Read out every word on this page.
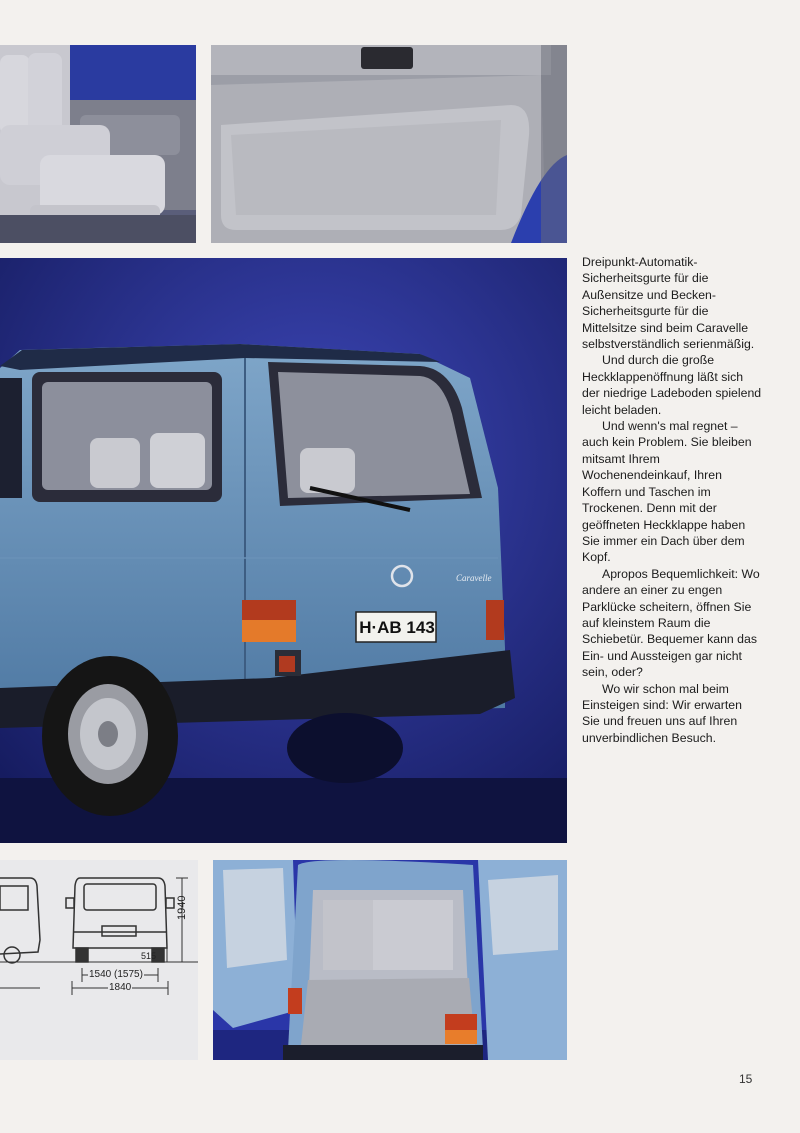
H·AB 143
Caravelle
1940
515
1540 (1575)
1840

Dreipunkt-Automatik-Sicherheitsgurte für die Außensitze und Becken-Sicherheitsgurte für die Mittelsitze sind beim Caravelle selbstverständlich serienmäßig.

Und durch die große Heckklappenöffnung läßt sich der niedrige Ladeboden spielend leicht beladen.

Und wenn's mal regnet – auch kein Problem. Sie bleiben mitsamt Ihrem Wochenendeinkauf, Ihren Koffern und Taschen im Trockenen. Denn mit der geöffneten Heckklappe haben Sie immer ein Dach über dem Kopf.

Apropos Bequemlichkeit: Wo andere an einer zu engen Parklücke scheitern, öffnen Sie auf kleinstem Raum die Schiebetür. Bequemer kann das Ein- und Aussteigen gar nicht sein, oder?

Wo wir schon mal beim Einsteigen sind: Wir erwarten Sie und freuen uns auf Ihren unverbindlichen Besuch.

15
